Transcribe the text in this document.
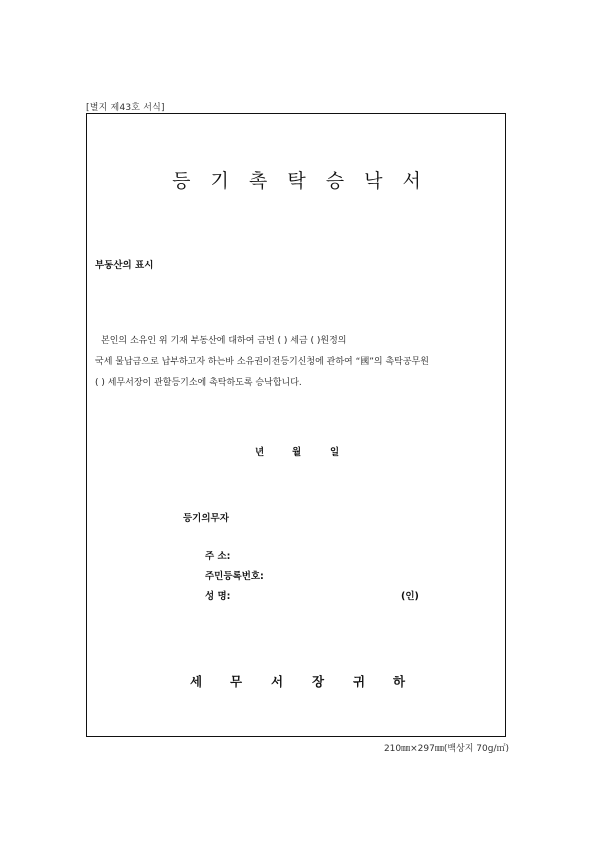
[별지 제43호 서식]
등 기 촉 탁 승 낙 서
부동산의 표시
본인의 소유인 위 기재 부동산에 대하여 금번 ( ) 세금 ( )원정의
국세 물납금으로 납부하고자 하는바 소유권이전등기신청에 관하여 “國”의 촉탁공무원
( ) 세무서장이 관할등기소에 촉탁하도록 승낙합니다.
년	월	일
등기의무자
주 소:
주민등록번호:
성 명:	(인)
세 무 서 장 귀 하
210㎜×297㎜(백상지 70g/㎡)
